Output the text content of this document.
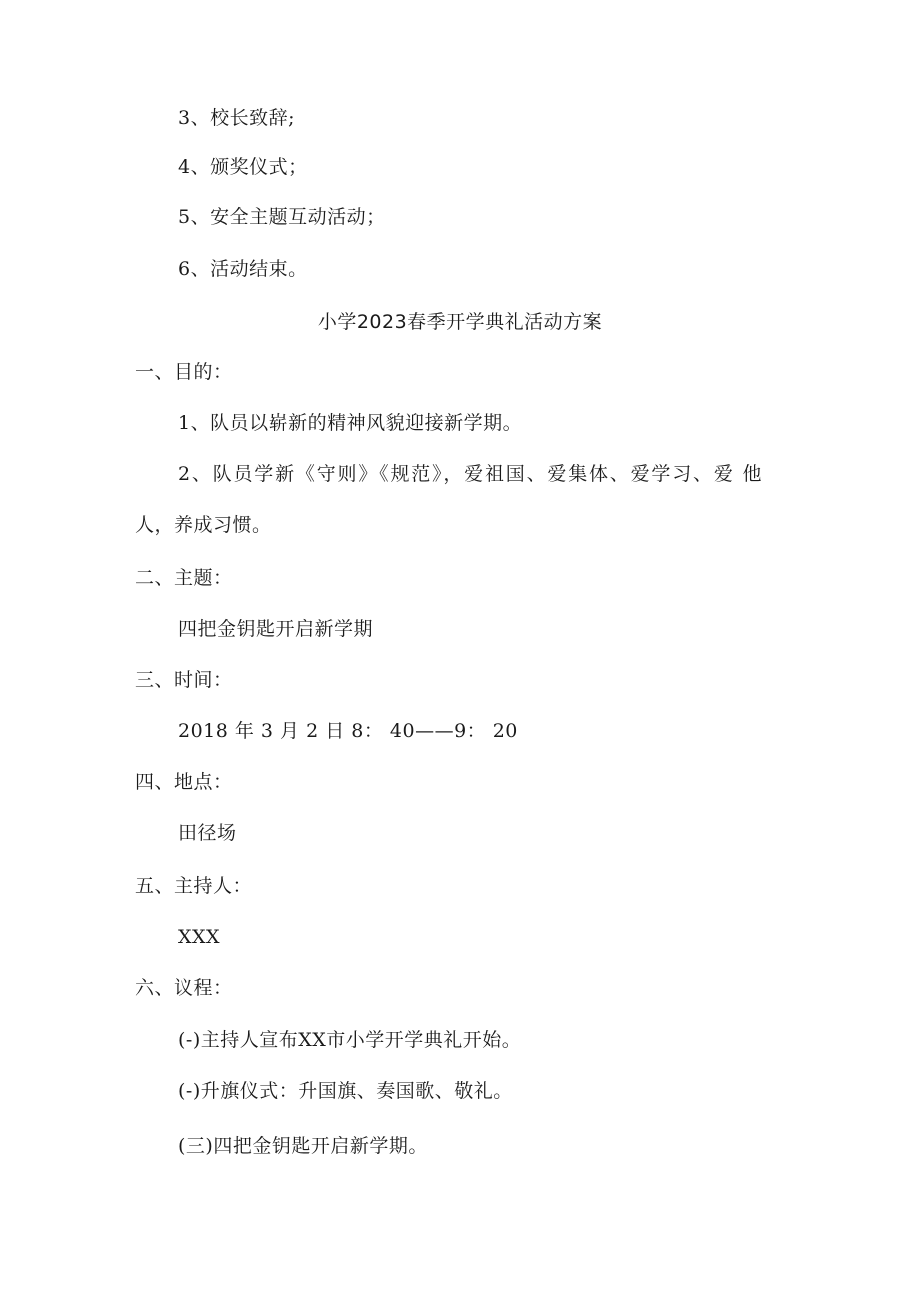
3、校长致辞;
4、颁奖仪式；
5、安全主题互动活动；
6、活动结束。
小学2023春季开学典礼活动方案
一、目的：
1、队员以崭新的精神风貌迎接新学期。
2、队员学新《守则》《规范》，爱祖国、爱集体、爱学习、爱 他
人，养成习惯。
二、主题：
四把金钥匙开启新学期
三、时间：
2018 年 3 月 2 日 8： 40——9： 20
四、地点：
田径场
五、主持人：
XXX
六、议程：
(-)主持人宣布XX市小学开学典礼开始。
(-)升旗仪式：升国旗、奏国歌、敬礼。
(三)四把金钥匙开启新学期。
